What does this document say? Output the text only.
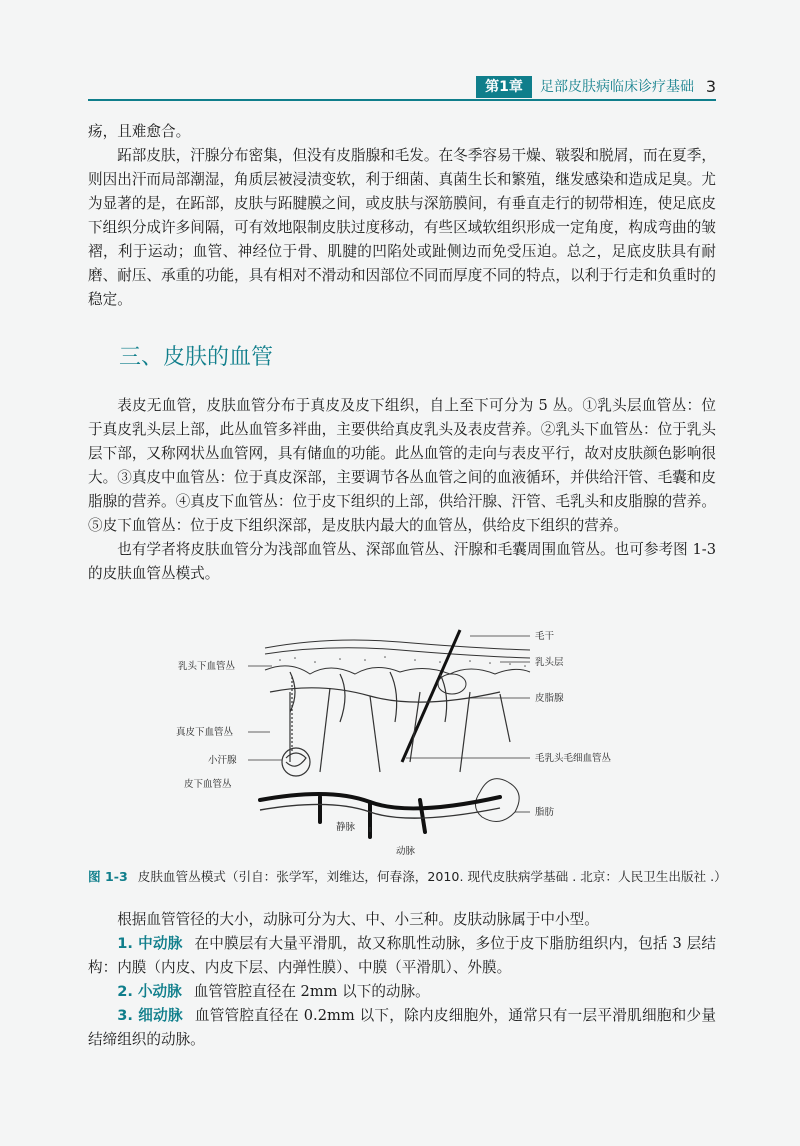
第1章	足部皮肤病临床诊疗基础 3

疡，且难愈合。

跖部皮肤，汗腺分布密集，但没有皮脂腺和毛发。在冬季容易干燥、皲裂和脱屑，而在夏季，则因出汗而局部潮湿，角质层被浸渍变软，利于细菌、真菌生长和繁殖，继发感染和造成足臭。尤为显著的是，在跖部，皮肤与跖腱膜之间，或皮肤与深筋膜间，有垂直走行的韧带相连，使足底皮下组织分成许多间隔，可有效地限制皮肤过度移动，有些区域软组织形成一定角度，构成弯曲的皱褶，利于运动；血管、神经位于骨、肌腱的凹陷处或趾侧边而免受压迫。总之，足底皮肤具有耐磨、耐压、承重的功能，具有相对不滑动和因部位不同而厚度不同的特点，以利于行走和负重时的稳定。

三、皮肤的血管

表皮无血管，皮肤血管分布于真皮及皮下组织，自上至下可分为 5 丛。①乳头层血管丛：位于真皮乳头层上部，此丛血管多袢曲，主要供给真皮乳头及表皮营养。②乳头下血管丛：位于乳头层下部，又称网状丛血管网，具有储血的功能。此丛血管的走向与表皮平行，故对皮肤颜色影响很大。③真皮中血管丛：位于真皮深部，主要调节各丛血管之间的血液循环，并供给汗管、毛囊和皮脂腺的营养。④真皮下血管丛：位于皮下组织的上部，供给汗腺、汗管、毛乳头和皮脂腺的营养。⑤皮下血管丛：位于皮下组织深部，是皮肤内最大的血管丛，供给皮下组织的营养。

也有学者将皮肤血管分为浅部血管丛、深部血管丛、汗腺和毛囊周围血管丛。也可参考图 1-3 的皮肤血管丛模式。

毛干
乳头层
皮脂腺
毛乳头毛细血管丛
脂肪
乳头下血管丛
真皮下血管丛
小汗腺
皮下血管丛
静脉
动脉
图 1-3 皮肤血管丛模式（引自：张学军，刘维达，何春涤，2010. 现代皮肤病学基础 . 北京：人民卫生出版社 .）

根据血管管径的大小，动脉可分为大、中、小三种。皮肤动脉属于中小型。

1. 中动脉 在中膜层有大量平滑肌，故又称肌性动脉，多位于皮下脂肪组织内，包括 3 层结构：内膜（内皮、内皮下层、内弹性膜）、中膜（平滑肌）、外膜。

2. 小动脉 血管管腔直径在 2mm 以下的动脉。

3. 细动脉 血管管腔直径在 0.2mm 以下，除内皮细胞外，通常只有一层平滑肌细胞和少量结缔组织的动脉。
